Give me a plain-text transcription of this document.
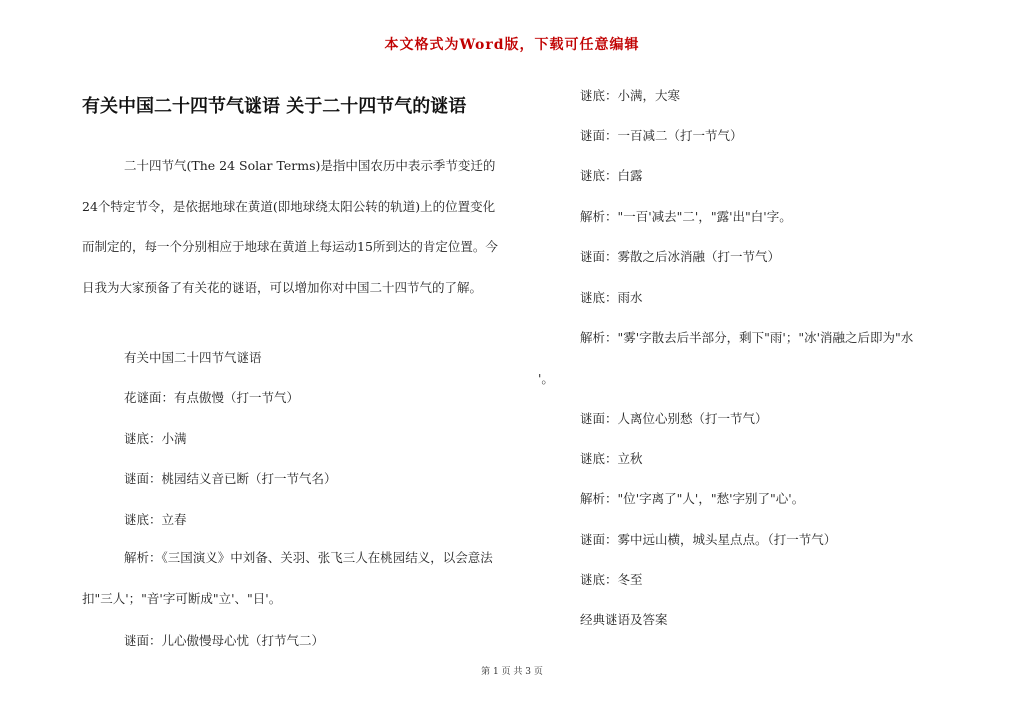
本文格式为Word版，下载可任意编辑
有关中国二十四节气谜语 关于二十四节气的谜语

二十四节气(The 24 Solar Terms)是指中国农历中表示季节变迁的24个特定节令，是依据地球在黄道(即地球绕太阳公转的轨道)上的位置变化而制定的，每一个分别相应于地球在黄道上每运动15所到达的肯定位置。今日我为大家预备了有关花的谜语，可以增加你对中国二十四节气的了解。

有关中国二十四节气谜语

花谜面：有点傲慢（打一节气）

谜底：小满

谜面：桃园结义音已断（打一节气名）

谜底：立春

解析：《三国演义》中刘备、关羽、张飞三人在桃园结义，以会意法扣"三人'；"音'字可断成"立'、"日'。

谜面：儿心傲慢母心忧（打节气二）

谜底：小满，大寒

谜面：一百减二（打一节气）

谜底：白露

解析："一百'减去"二'，"露'出"白'字。

谜面：雾散之后冰消融（打一节气）

谜底：雨水

解析："雾'字散去后半部分，剩下"雨'；"冰'消融之后即为"水

'。

谜面：人离位心别愁（打一节气）

谜底：立秋

解析："位'字离了"人'，"愁'字别了"心'。

谜面：雾中远山横，城头星点点。（打一节气）

谜底：冬至

经典谜语及答案

第 1 页 共 3 页
